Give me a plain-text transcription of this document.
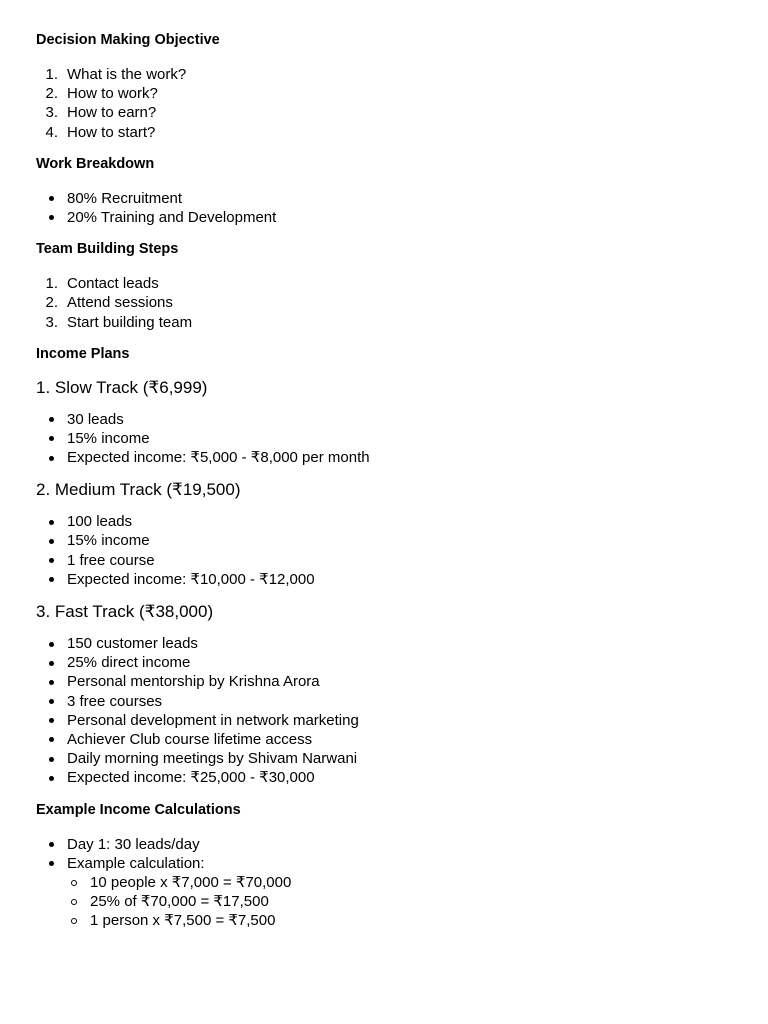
Decision Making Objective
1. What is the work?
2. How to work?
3. How to earn?
4. How to start?
Work Breakdown
80% Recruitment
20% Training and Development
Team Building Steps
1. Contact leads
2. Attend sessions
3. Start building team
Income Plans
1. Slow Track (₹6,999)
30 leads
15% income
Expected income: ₹5,000 - ₹8,000 per month
2. Medium Track (₹19,500)
100 leads
15% income
1 free course
Expected income: ₹10,000 - ₹12,000
3. Fast Track (₹38,000)
150 customer leads
25% direct income
Personal mentorship by Krishna Arora
3 free courses
Personal development in network marketing
Achiever Club course lifetime access
Daily morning meetings by Shivam Narwani
Expected income: ₹25,000 - ₹30,000
Example Income Calculations
Day 1: 30 leads/day
Example calculation:
10 people x ₹7,000 = ₹70,000
25% of ₹70,000 = ₹17,500
1 person x ₹7,500 = ₹7,500
